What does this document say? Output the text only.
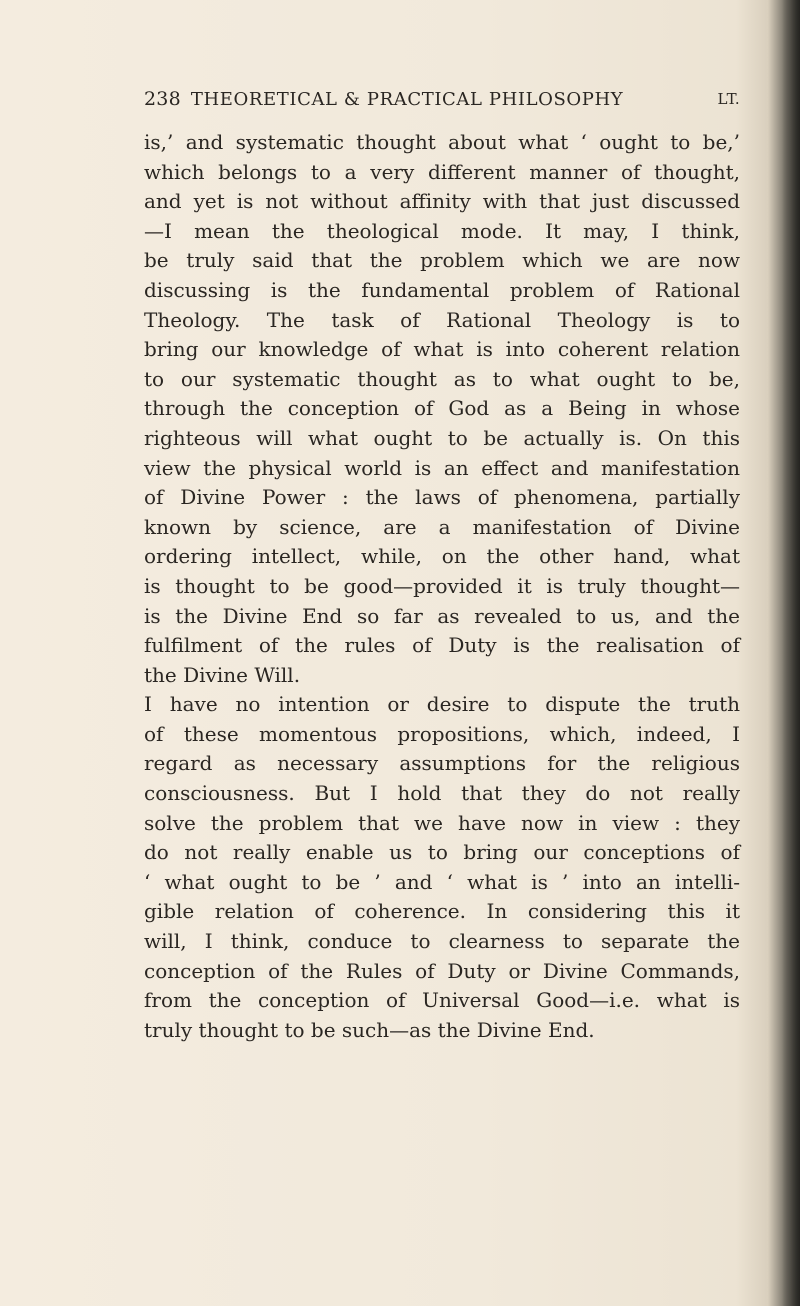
238 THEORETICAL & PRACTICAL PHILOSOPHY	LT.
is,’ and systematic thought about what ‘ ought to be,’
which belongs to a very different manner of thought,
and yet is not without affinity with that just discussed
—I mean the theological mode. It may, I think,
be truly said that the problem which we are now
discussing is the fundamental problem of Rational
Theology. The task of Rational Theology is to
bring our knowledge of what is into coherent relation
to our systematic thought as to what ought to be,
through the conception of God as a Being in whose
righteous will what ought to be actually is. On this
view the physical world is an effect and manifestation
of Divine Power : the laws of phenomena, partially
known by science, are a manifestation of Divine
ordering intellect, while, on the other hand, what
is thought to be good—provided it is truly thought—
is the Divine End so far as revealed to us, and the
fulfilment of the rules of Duty is the realisation of
the Divine Will.
I have no intention or desire to dispute the truth
of these momentous propositions, which, indeed, I
regard as necessary assumptions for the religious
consciousness. But I hold that they do not really
solve the problem that we have now in view : they
do not really enable us to bring our conceptions of
‘ what ought to be ’ and ‘ what is ’ into an intelli-
gible relation of coherence. In considering this it
will, I think, conduce to clearness to separate the
conception of the Rules of Duty or Divine Commands,
from the conception of Universal Good—i.e. what is
truly thought to be such—as the Divine End.
